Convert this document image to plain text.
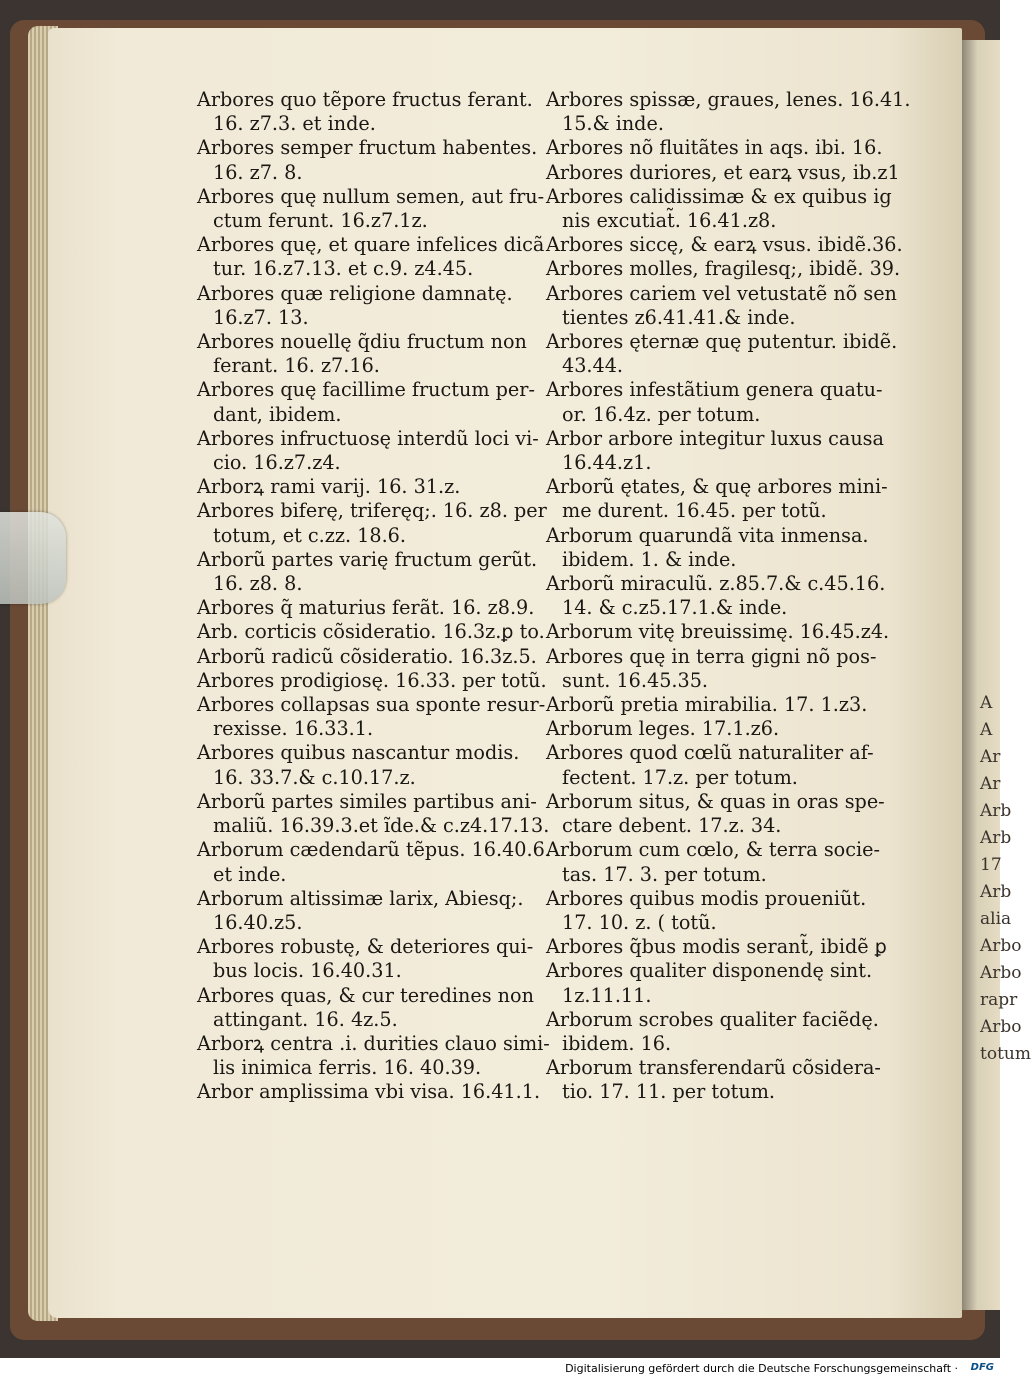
A
A
Ar
Ar
Arb
Arb
17
Arb
alia
Arbo
Arbo
rapr
Arbo
totum
Arbores quo tẽpore fructus ferant.
16. z7.3. et inde.
Arbores semper fructum habentes.
16. z7. 8.
Arbores quę nullum semen, aut fru-
ctum ferunt. 16.z7.1z.
Arbores quę, et quare infelices dicã
tur. 16.z7.13. et c.9. z4.45.
Arbores quæ religione damnatę.
16.z7. 13.
Arbores nouellę q̃diu fructum non
ferant. 16. z7.16.
Arbores quę facillime fructum per-
dant, ibidem.
Arbores infructuosę interdũ loci vi-
cio. 16.z7.z4.
Arborꝝ rami varij. 16. 31.z.
Arbores biferę, triferęq;. 16. z8. per
totum, et c.zz. 18.6.
Arborũ partes varię fructum gerũt.
16. z8. 8.
Arbores q̃ maturius ferãt. 16. z8.9.
Arb. corticis cõsideratio. 16.3z.ꝑ to.
Arborũ radicũ cõsideratio. 16.3z.5.
Arbores prodigiosę. 16.33. per totũ.
Arbores collapsas sua sponte resur-
rexisse. 16.33.1.
Arbores quibus nascantur modis.
16. 33.7.& c.10.17.z.
Arborũ partes similes partibus ani-
maliũ. 16.39.3.et ĩde.& c.z4.17.13.
Arborum cædendarũ tẽpus. 16.40.6.
et inde.
Arborum altissimæ larix, Abiesq;.
16.40.z5.
Arbores robustę, & deteriores qui-
bus locis. 16.40.31.
Arbores quas, & cur teredines non
attingant. 16. 4z.5.
Arborꝝ centra .i. durities clauo simi-
lis inimica ferris. 16. 40.39.
Arbor amplissima vbi visa. 16.41.1.
Arbores spissæ, graues, lenes. 16.41.
15.& inde.
Arbores nõ fluitãtes in aqs. ibi. 16.
Arbores duriores, et earꝝ vsus, ib.z1
Arbores calidissimæ & ex quibus ig
nis excutiat̃. 16.41.z8.
Arbores siccę, & earꝝ vsus. ibidẽ.36.
Arbores molles, fragilesq;, ibidẽ. 39.
Arbores cariem vel vetustatẽ nõ sen
tientes z6.41.41.& inde.
Arbores ęternæ quę putentur. ibidẽ.
43.44.
Arbores infestãtium genera quatu-
or. 16.4z. per totum.
Arbor arbore integitur luxus causa
16.44.z1.
Arborũ ętates, & quę arbores mini-
me durent. 16.45. per totũ.
Arborum quarundã vita inmensa.
ibidem. 1. & inde.
Arborũ miraculũ. z.85.7.& c.45.16.
14. & c.z5.17.1.& inde.
Arborum vitę breuissimę. 16.45.z4.
Arbores quę in terra gigni nõ pos-
sunt. 16.45.35.
Arborũ pretia mirabilia. 17. 1.z3.
Arborum leges. 17.1.z6.
Arbores quod cœlũ naturaliter af-
fectent. 17.z. per totum.
Arborum situs, & quas in oras spe-
ctare debent. 17.z. 34.
Arborum cum cœlo, & terra socie-
tas. 17. 3. per totum.
Arbores quibus modis proueniũt.
17. 10. z. ( totũ.
Arbores q̃bus modis serant̃, ibidẽ ꝑ
Arbores qualiter disponendę sint.
1z.11.11.
Arborum scrobes qualiter faciẽdę.
ibidem. 16.
Arborum transferendarũ cõsidera-
tio. 17. 11. per totum.
Digitalisierung gefördert durch die Deutsche Forschungsgemeinschaft · DFG
